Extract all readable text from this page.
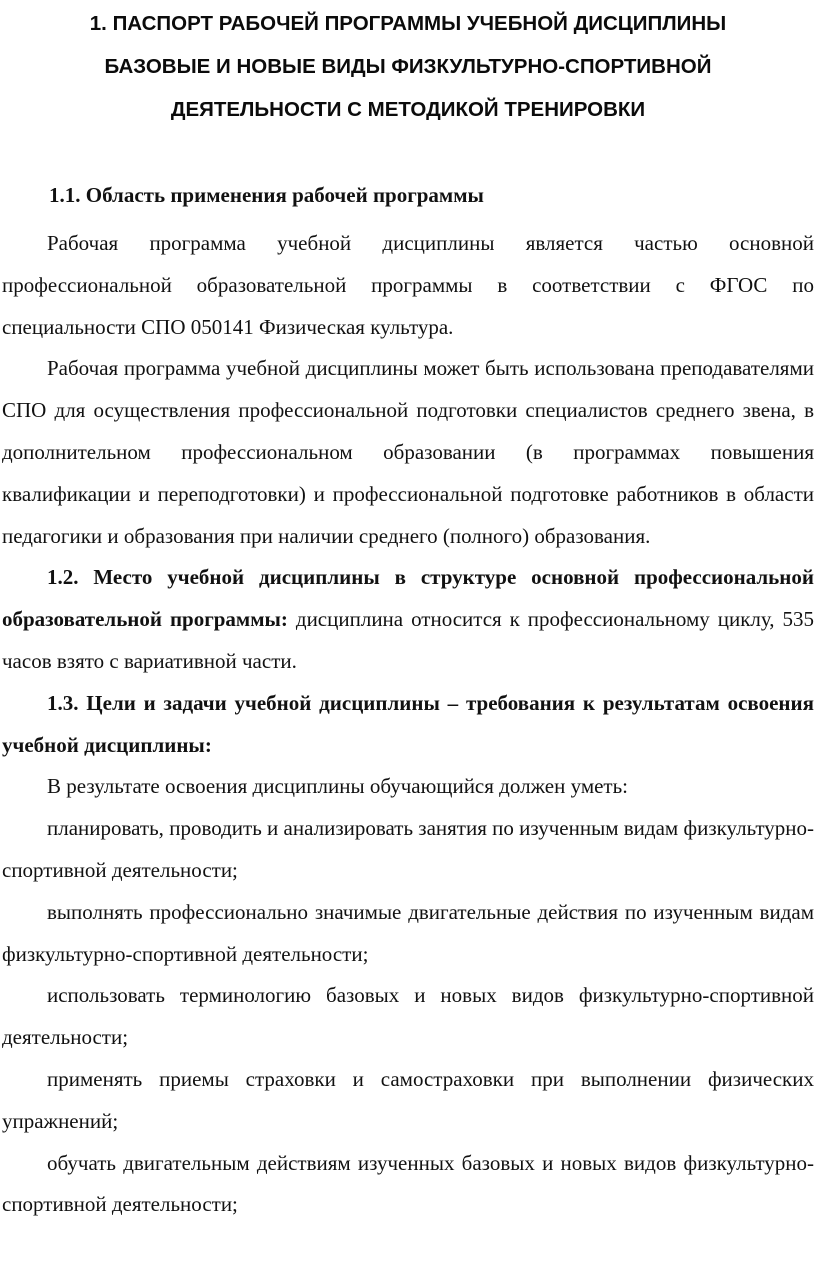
1. ПАСПОРТ РАБОЧЕЙ ПРОГРАММЫ УЧЕБНОЙ ДИСЦИПЛИНЫ
БАЗОВЫЕ И НОВЫЕ ВИДЫ ФИЗКУЛЬТУРНО-СПОРТИВНОЙ
ДЕЯТЕЛЬНОСТИ С МЕТОДИКОЙ ТРЕНИРОВКИ
1.1. Область применения рабочей программы

Рабочая программа учебной дисциплины является частью основной профессиональной образовательной программы в соответствии с ФГОС по специальности СПО 050141 Физическая культура.

Рабочая программа учебной дисциплины может быть использована преподавателями СПО для осуществления профессиональной подготовки специалистов среднего звена, в дополнительном профессиональном образовании (в программах повышения квалификации и переподготовки) и профессиональной подготовке работников в области педагогики и образования при наличии среднего (полного) образования.

1.2. Место учебной дисциплины в структуре основной профессиональной образовательной программы: дисциплина относится к профессиональному циклу, 535 часов взято с вариативной части.

1.3. Цели и задачи учебной дисциплины – требования к результатам освоения учебной дисциплины:

В результате освоения дисциплины обучающийся должен уметь:

планировать, проводить и анализировать занятия по изученным видам физкультурно-спортивной деятельности;

выполнять профессионально значимые двигательные действия по изученным видам физкультурно-спортивной деятельности;

использовать терминологию базовых и новых видов физкультурно-спортивной деятельности;

применять приемы страховки и самостраховки при выполнении физических упражнений;

обучать двигательным действиям изученных базовых и новых видов физкультурно-спортивной деятельности;
